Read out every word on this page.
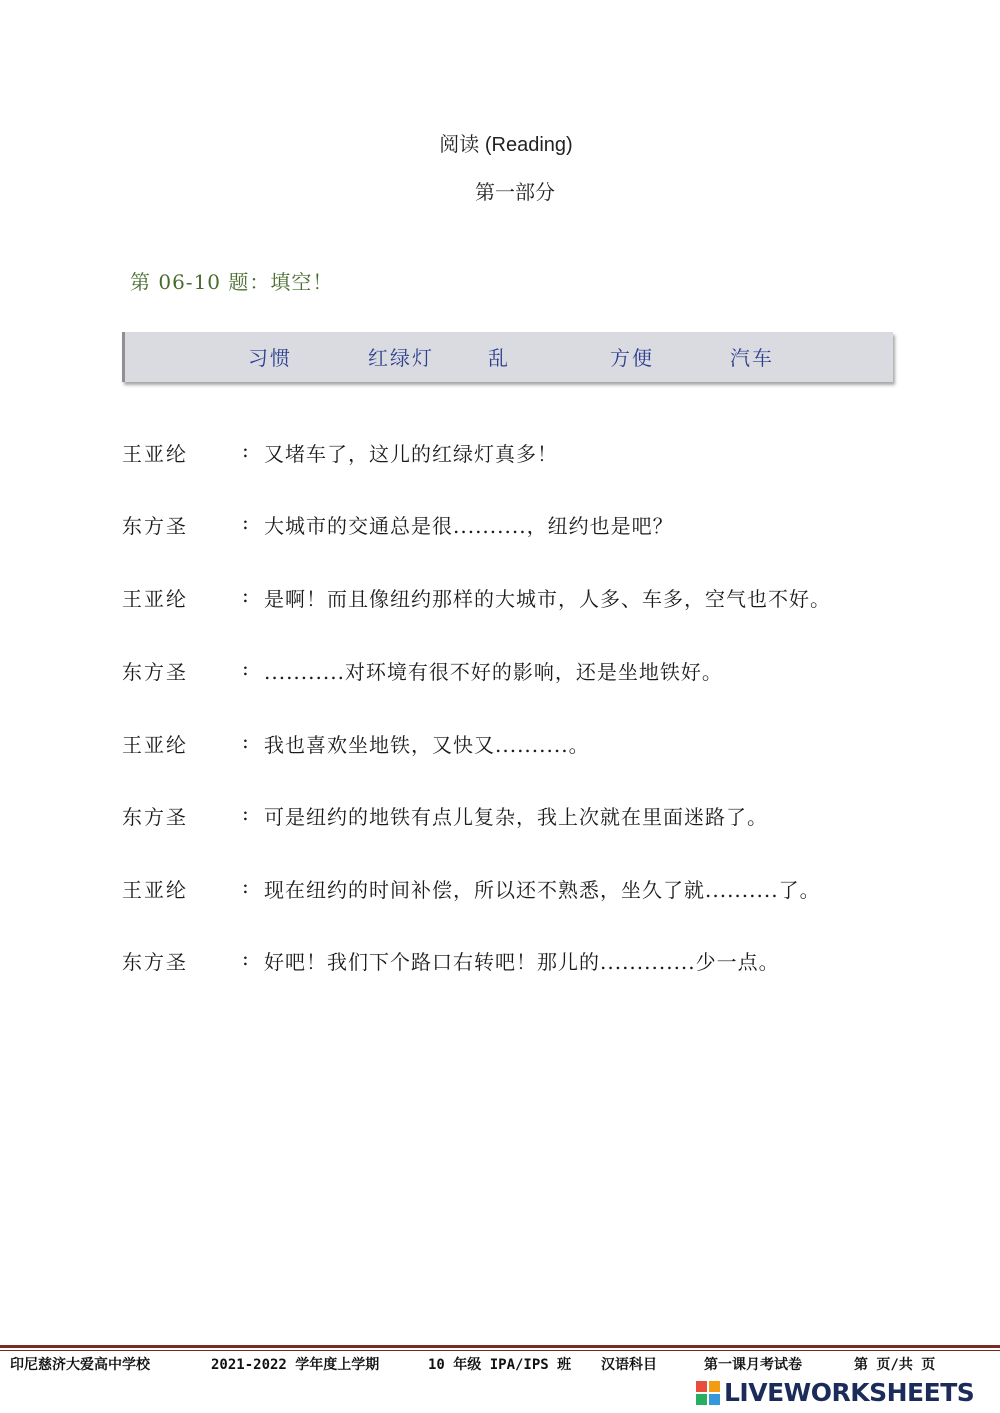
阅读 (Reading)
第一部分
第 06-10 题：填空！
习惯	红绿灯	乱	方便	汽车
王亚纶	: 又堵车了，这儿的红绿灯真多！
东方圣	: 大城市的交通总是很..........，纽约也是吧？
王亚纶	: 是啊！而且像纽约那样的大城市，人多、车多，空气也不好。
东方圣	: ...........对环境有很不好的影响，还是坐地铁好。
王亚纶	: 我也喜欢坐地铁，又快又..........。
东方圣	: 可是纽约的地铁有点儿复杂，我上次就在里面迷路了。
王亚纶	: 现在纽约的时间补偿，所以还不熟悉，坐久了就..........了。
东方圣	: 好吧！我们下个路口右转吧！那儿的.............少一点。
印尼慈济大爱高中学校	2021-2022 学年度上学期	10 年级 IPA/IPS 班 汉语科目	第一课月考试卷	第 页/共 页
LIVEWORKSHEETS
